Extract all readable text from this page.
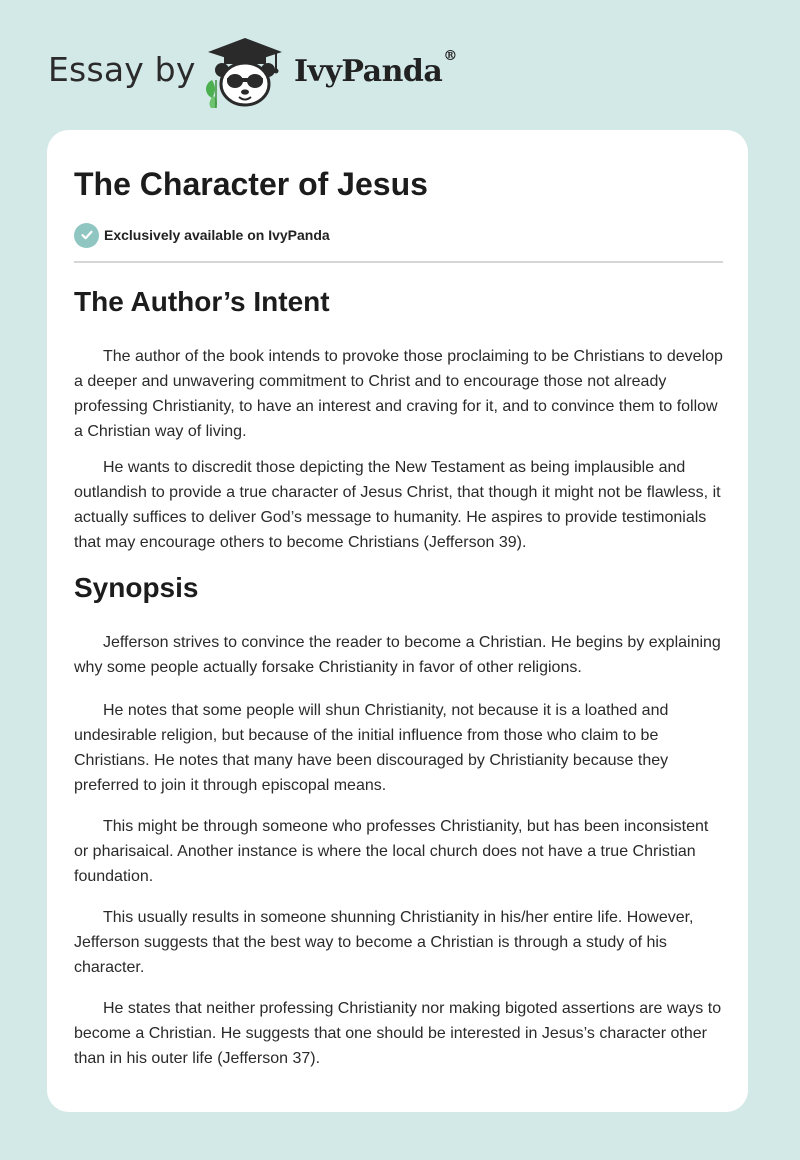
Essay by	IvyPanda®
The Character of Jesus
Exclusively available on IvyPanda
The Author’s Intent

The author of the book intends to provoke those proclaiming to be Christians to develop a deeper and unwavering commitment to Christ and to encourage those not already professing Christianity, to have an interest and craving for it, and to convince them to follow a Christian way of living.

He wants to discredit those depicting the New Testament as being implausible and outlandish to provide a true character of Jesus Christ, that though it might not be flawless, it actually suffices to deliver God’s message to humanity. He aspires to provide testimonials that may encourage others to become Christians (Jefferson 39).

Synopsis

Jefferson strives to convince the reader to become a Christian. He begins by explaining why some people actually forsake Christianity in favor of other religions.

He notes that some people will shun Christianity, not because it is a loathed and undesirable religion, but because of the initial influence from those who claim to be Christians. He notes that many have been discouraged by Christianity because they preferred to join it through episcopal means.

This might be through someone who professes Christianity, but has been inconsistent or pharisaical. Another instance is where the local church does not have a true Christian foundation.

This usually results in someone shunning Christianity in his/her entire life. However, Jefferson suggests that the best way to become a Christian is through a study of his character.

He states that neither professing Christianity nor making bigoted assertions are ways to become a Christian. He suggests that one should be interested in Jesus’s character other than in his outer life (Jefferson 37).
